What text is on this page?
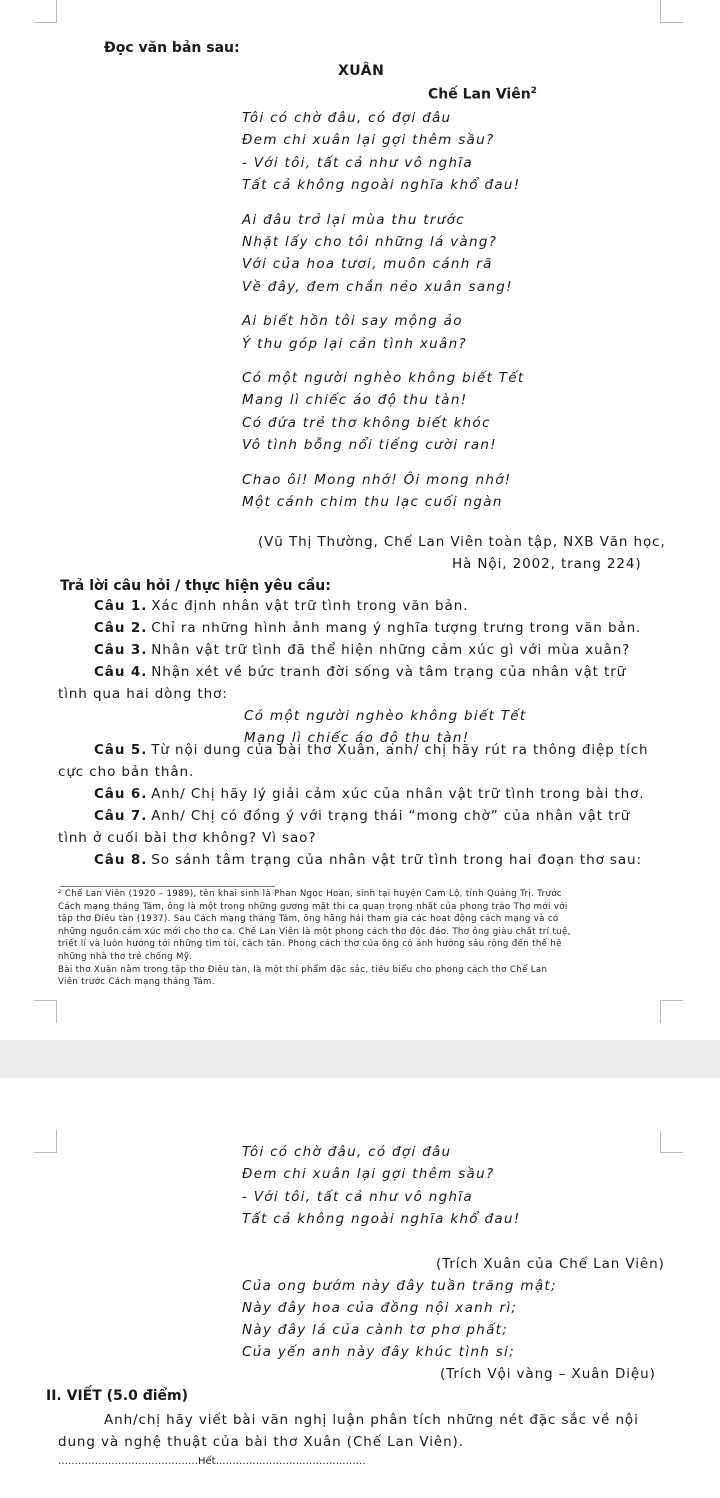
Đọc văn bản sau:
XUÂN
Chế Lan Viên$^2$
Tôi có chờ đâu, có đợi đâu
Đem chi xuân lại gợi thêm sầu?
- Với tôi, tất cả như vô nghĩa
Tất cả không ngoài nghĩa khổ đau!
Ai đâu trở lại mùa thu trước
Nhặt lấy cho tôi những lá vàng?
Với của hoa tươi, muôn cánh rã
Về đây, đem chắn nẻo xuân sang!
Ai biết hồn tôi say mộng ảo
Ý thu góp lại cản tình xuân?
Có một người nghèo không biết Tết
Mang lì chiếc áo độ thu tàn!
Có đứa trẻ thơ không biết khóc
Vô tình bỗng nổi tiếng cười ran!
Chao ôi! Mong nhớ! Ôi mong nhớ!
Một cánh chim thu lạc cuối ngàn
(Vũ Thị Thường, Chế Lan Viên toàn tập, NXB Văn học,
Hà Nội, 2002, trang 224)
Trả lời câu hỏi / thực hiện yêu cầu:
² Chế Lan Viên (1920 – 1989), tên khai sinh là Phan Ngọc Hoan, sinh tại huyện Cam Lộ, tỉnh Quảng Trị. Trước
Cách mạng tháng Tám, ông là một trong những gương mặt thi ca quan trọng nhất của phong trào Thơ mới với
tập thơ Điêu tàn (1937). Sau Cách mạng tháng Tám, ông hăng hái tham gia các hoạt động cách mạng và có
những nguồn cảm xúc mới cho thơ ca. Chế Lan Viên là một phong cách thơ độc đáo. Thơ ông giàu chất trí tuệ,
triết lí và luôn hướng tới những tìm tòi, cách tân. Phong cách thơ của ông có ảnh hưởng sâu rộng đến thế hệ
những nhà thơ trẻ chống Mỹ.
Bài thơ Xuân nằm trong tập thơ Điêu tàn, là một thi phẩm đặc sắc, tiêu biểu cho phong cách thơ Chế Lan
Viên trước Cách mạng tháng Tám.
Câu 1. Xác định nhân vật trữ tình trong văn bản.
Câu 2. Chỉ ra những hình ảnh mang ý nghĩa tượng trưng trong văn bản.
Câu 3. Nhân vật trữ tình đã thể hiện những cảm xúc gì với mùa xuân?
Câu 4. Nhận xét về bức tranh đời sống và tâm trạng của nhân vật trữ
tình qua hai dòng thơ:
Câu 5. Từ nội dung của bài thơ Xuân, anh/ chị hãy rút ra thông điệp tích
cực cho bản thân.
Câu 6. Anh/ Chị hãy lý giải cảm xúc của nhân vật trữ tình trong bài thơ.
Câu 7. Anh/ Chị có đồng ý với trạng thái “mong chờ” của nhân vật trữ
tình ở cuối bài thơ không? Vì sao?
Câu 8. So sánh tâm trạng của nhân vật trữ tình trong hai đoạn thơ sau:
Có một người nghèo không biết Tết
Mang lì chiếc áo độ thu tàn!
Tôi có chờ đâu, có đợi đâu
Đem chi xuân lại gợi thêm sầu?
- Với tôi, tất cả như vô nghĩa
Tất cả không ngoài nghĩa khổ đau!
(Trích Xuân của Chế Lan Viên)
Của ong bướm này đây tuần trăng mật;
Này đây hoa của đồng nội xanh rì;
Này đây lá của cành tơ phơ phất;
Của yến anh này đây khúc tình si;
(Trích Vội vàng – Xuân Diệu)
II. VIẾT (5.0 điểm)
Anh/chị hãy viết bài văn nghị luận phân tích những nét đặc sắc về nội
dung và nghệ thuật của bài thơ Xuân (Chế Lan Viên).
……………………………………Hết………………………………………
